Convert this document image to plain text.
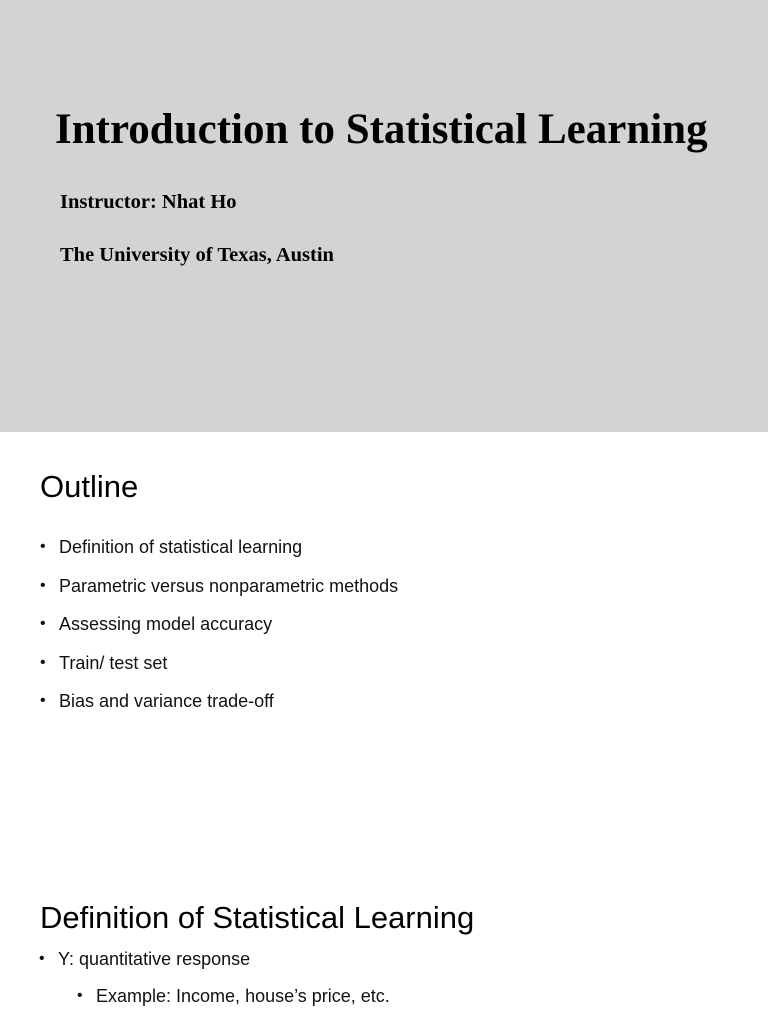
Introduction to Statistical Learning

Instructor: Nhat Ho

The University of Texas, Austin

Outline
• Definition of statistical learning
• Parametric versus nonparametric methods
• Assessing model accuracy
• Train/ test set
• Bias and variance trade-off
Definition of Statistical Learning
• Y: quantitative response
• Example: Income, house’s price, etc.
